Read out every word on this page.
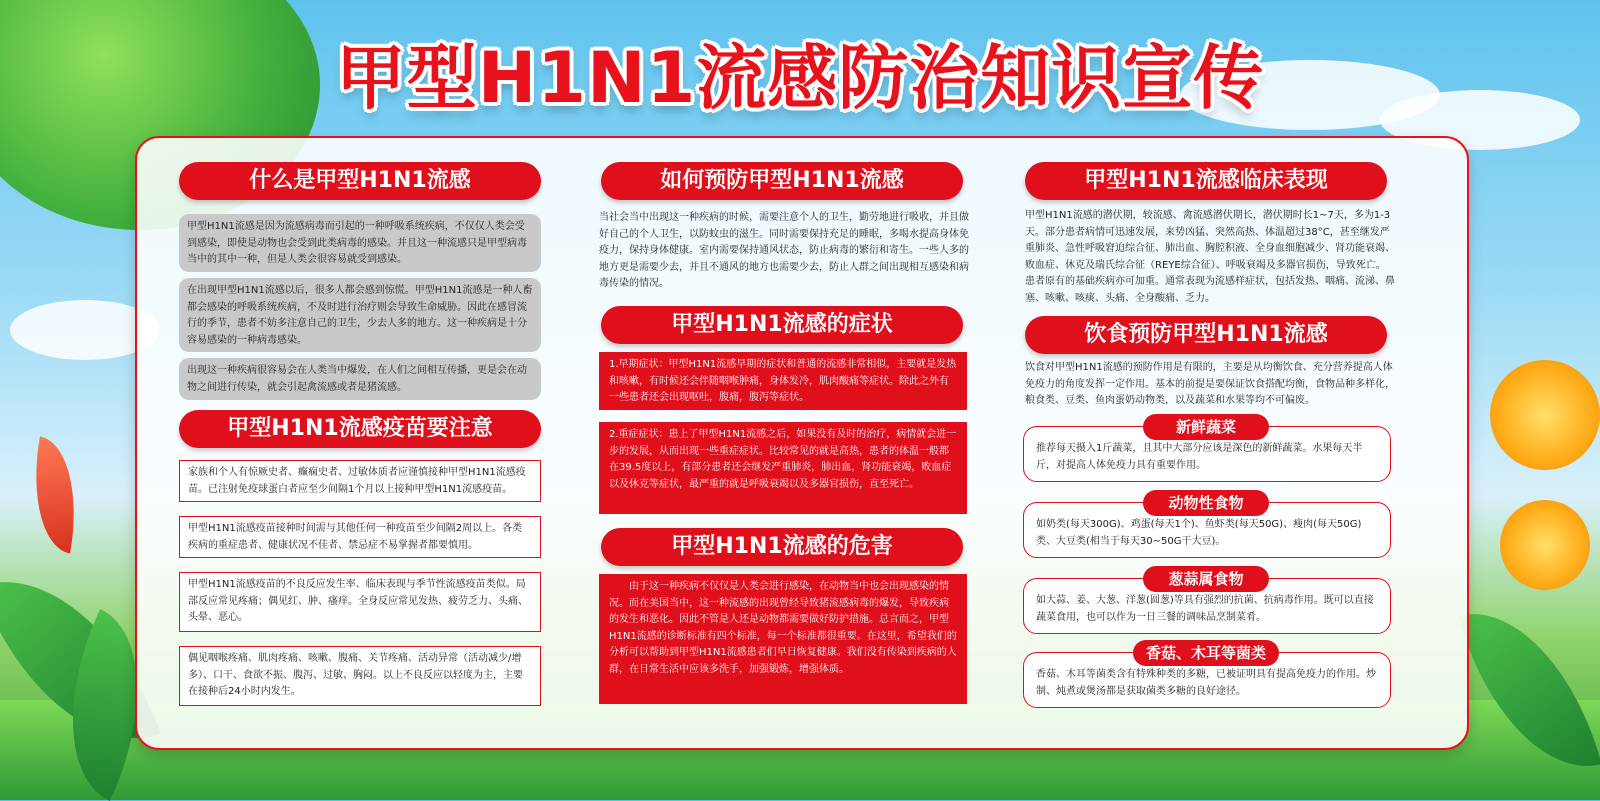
甲型H1N1流感防治知识宣传
什么是甲型H1N1流感
甲型H1N1流感是因为流感病毒而引起的一种呼吸系统疾病，不仅仅人类会受到感染，即使是动物也会受到此类病毒的感染。并且这一种流感只是甲型病毒当中的其中一种，但是人类会很容易就受到感染。
在出现甲型H1N1流感以后，很多人都会感到惊慌。甲型H1N1流感是一种人畜都会感染的呼吸系统疾病，不及时进行治疗则会导致生命威胁。因此在感冒流行的季节，患者不妨多注意自己的卫生，少去人多的地方。这一种疾病是十分容易感染的一种病毒感染。
出现这一种疾病很容易会在人类当中爆发，在人们之间相互传播，更是会在动物之间进行传染，就会引起禽流感或者是猪流感。
甲型H1N1流感疫苗要注意
家族和个人有惊厥史者、癫痫史者、过敏体质者应谨慎接种甲型H1N1流感疫苗。已注射免疫球蛋白者应至少间隔1个月以上接种甲型H1N1流感疫苗。
甲型H1N1流感疫苗接种时间需与其他任何一种疫苗至少间隔2周以上。各类疾病的重症患者、健康状况不佳者、禁忌症不易掌握者都要慎用。
甲型H1N1流感疫苗的不良反应发生率、临床表现与季节性流感疫苗类似。局部反应常见疼痛；偶见红、肿、瘙痒。全身反应常见发热、疲劳乏力、头痛、头晕、恶心。
偶见咽喉疼痛、肌肉疼痛、咳嗽、腹痛、关节疼痛、活动异常（活动减少/增多）、口干、食欲不振、腹泻、过敏、胸闷。以上不良反应以轻度为主，主要在接种后24小时内发生。
如何预防甲型H1N1流感
当社会当中出现这一种疾病的时候，需要注意个人的卫生，勤劳地进行吸收，并且做好自己的个人卫生，以防蚊虫的滋生。同时需要保持充足的睡眠，多喝水提高身体免疫力，保持身体健康。室内需要保持通风状态，防止病毒的繁衍和寄生。一些人多的地方更是需要少去，并且不通风的地方也需要少去，防止人群之间出现相互感染和病毒传染的情况。
甲型H1N1流感的症状
1.早期症状：甲型H1N1流感早期的症状和普通的流感非常相似，主要就是发热和咳嗽，有时候还会伴随咽喉肿痛，身体发冷，肌肉酸痛等症状。除此之外有一些患者还会出现呕吐，腹痛，腹泻等症状。
2.重症症状：患上了甲型H1N1流感之后，如果没有及时的治疗，病情就会进一步的发展，从而出现一些重症症状。比较常见的就是高热，患者的体温一般都在39.5度以上，有部分患者还会继发严重肺炎，肺出血，肾功能衰竭，败血症以及休克等症状，最严重的就是呼吸衰竭以及多器官损伤，直至死亡。
甲型H1N1流感的危害
由于这一种疾病不仅仅是人类会进行感染，在动物当中也会出现感染的情况。而在美国当中，这一种流感的出现曾经导致猪流感病毒的爆发，导致疾病的发生和恶化。因此不管是人还是动物都需要做好防护措施。总言而之，甲型H1N1流感的诊断标准有四个标准，每一个标准都很重要。在这里，希望我们的分析可以帮助到甲型H1N1流感患者们早日恢复健康。我们没有传染到疾病的人群，在日常生活中应该多洗手，加强锻炼，增强体质。
甲型H1N1流感临床表现
甲型H1N1流感的潜伏期，较流感、禽流感潜伏期长，潜伏期时长1~7天，多为1-3天。部分患者病情可迅速发展，来势凶猛、突然高热、体温超过38°C，甚至继发严重肺炎、急性呼吸窘迫综合征、肺出血、胸腔积液、全身血细胞减少、肾功能衰竭、败血症、休克及瑞氏综合征（REYE综合征）、呼吸衰竭及多器官损伤，导致死亡。患者原有的基础疾病亦可加重。通常表现为流感样症状，包括发热、咽痛、流涕、鼻塞、咳嗽、咳痰、头痛、全身酸痛、乏力。
饮食预防甲型H1N1流感
饮食对甲型H1N1流感的预防作用是有限的，主要是从均衡饮食、充分营养提高人体免疫力的角度发挥一定作用。基本的前提是要保证饮食搭配均衡，食物品种多样化，粮食类、豆类、鱼肉蛋奶动物类，以及蔬菜和水果等均不可偏废。
新鲜蔬菜
推荐每天摄入1斤蔬菜，且其中大部分应该是深色的新鲜蔬菜。水果每天半斤，对提高人体免疫力具有重要作用。
动物性食物
如奶类(每天300G)、鸡蛋(每天1个)、鱼虾类(每天50G)、瘦肉(每天50G)类、大豆类(相当于每天30~50G干大豆)。
葱蒜属食物
如大蒜、姜、大葱、洋葱(圆葱)等具有强烈的抗菌、抗病毒作用。既可以直接蔬菜食用，也可以作为一日三餐的调味品烹制菜肴。
香菇、木耳等菌类
香菇、木耳等菌类含有特殊种类的多糖，已被证明具有提高免疫力的作用。炒制、炖煮或煲汤都是获取菌类多糖的良好途径。
